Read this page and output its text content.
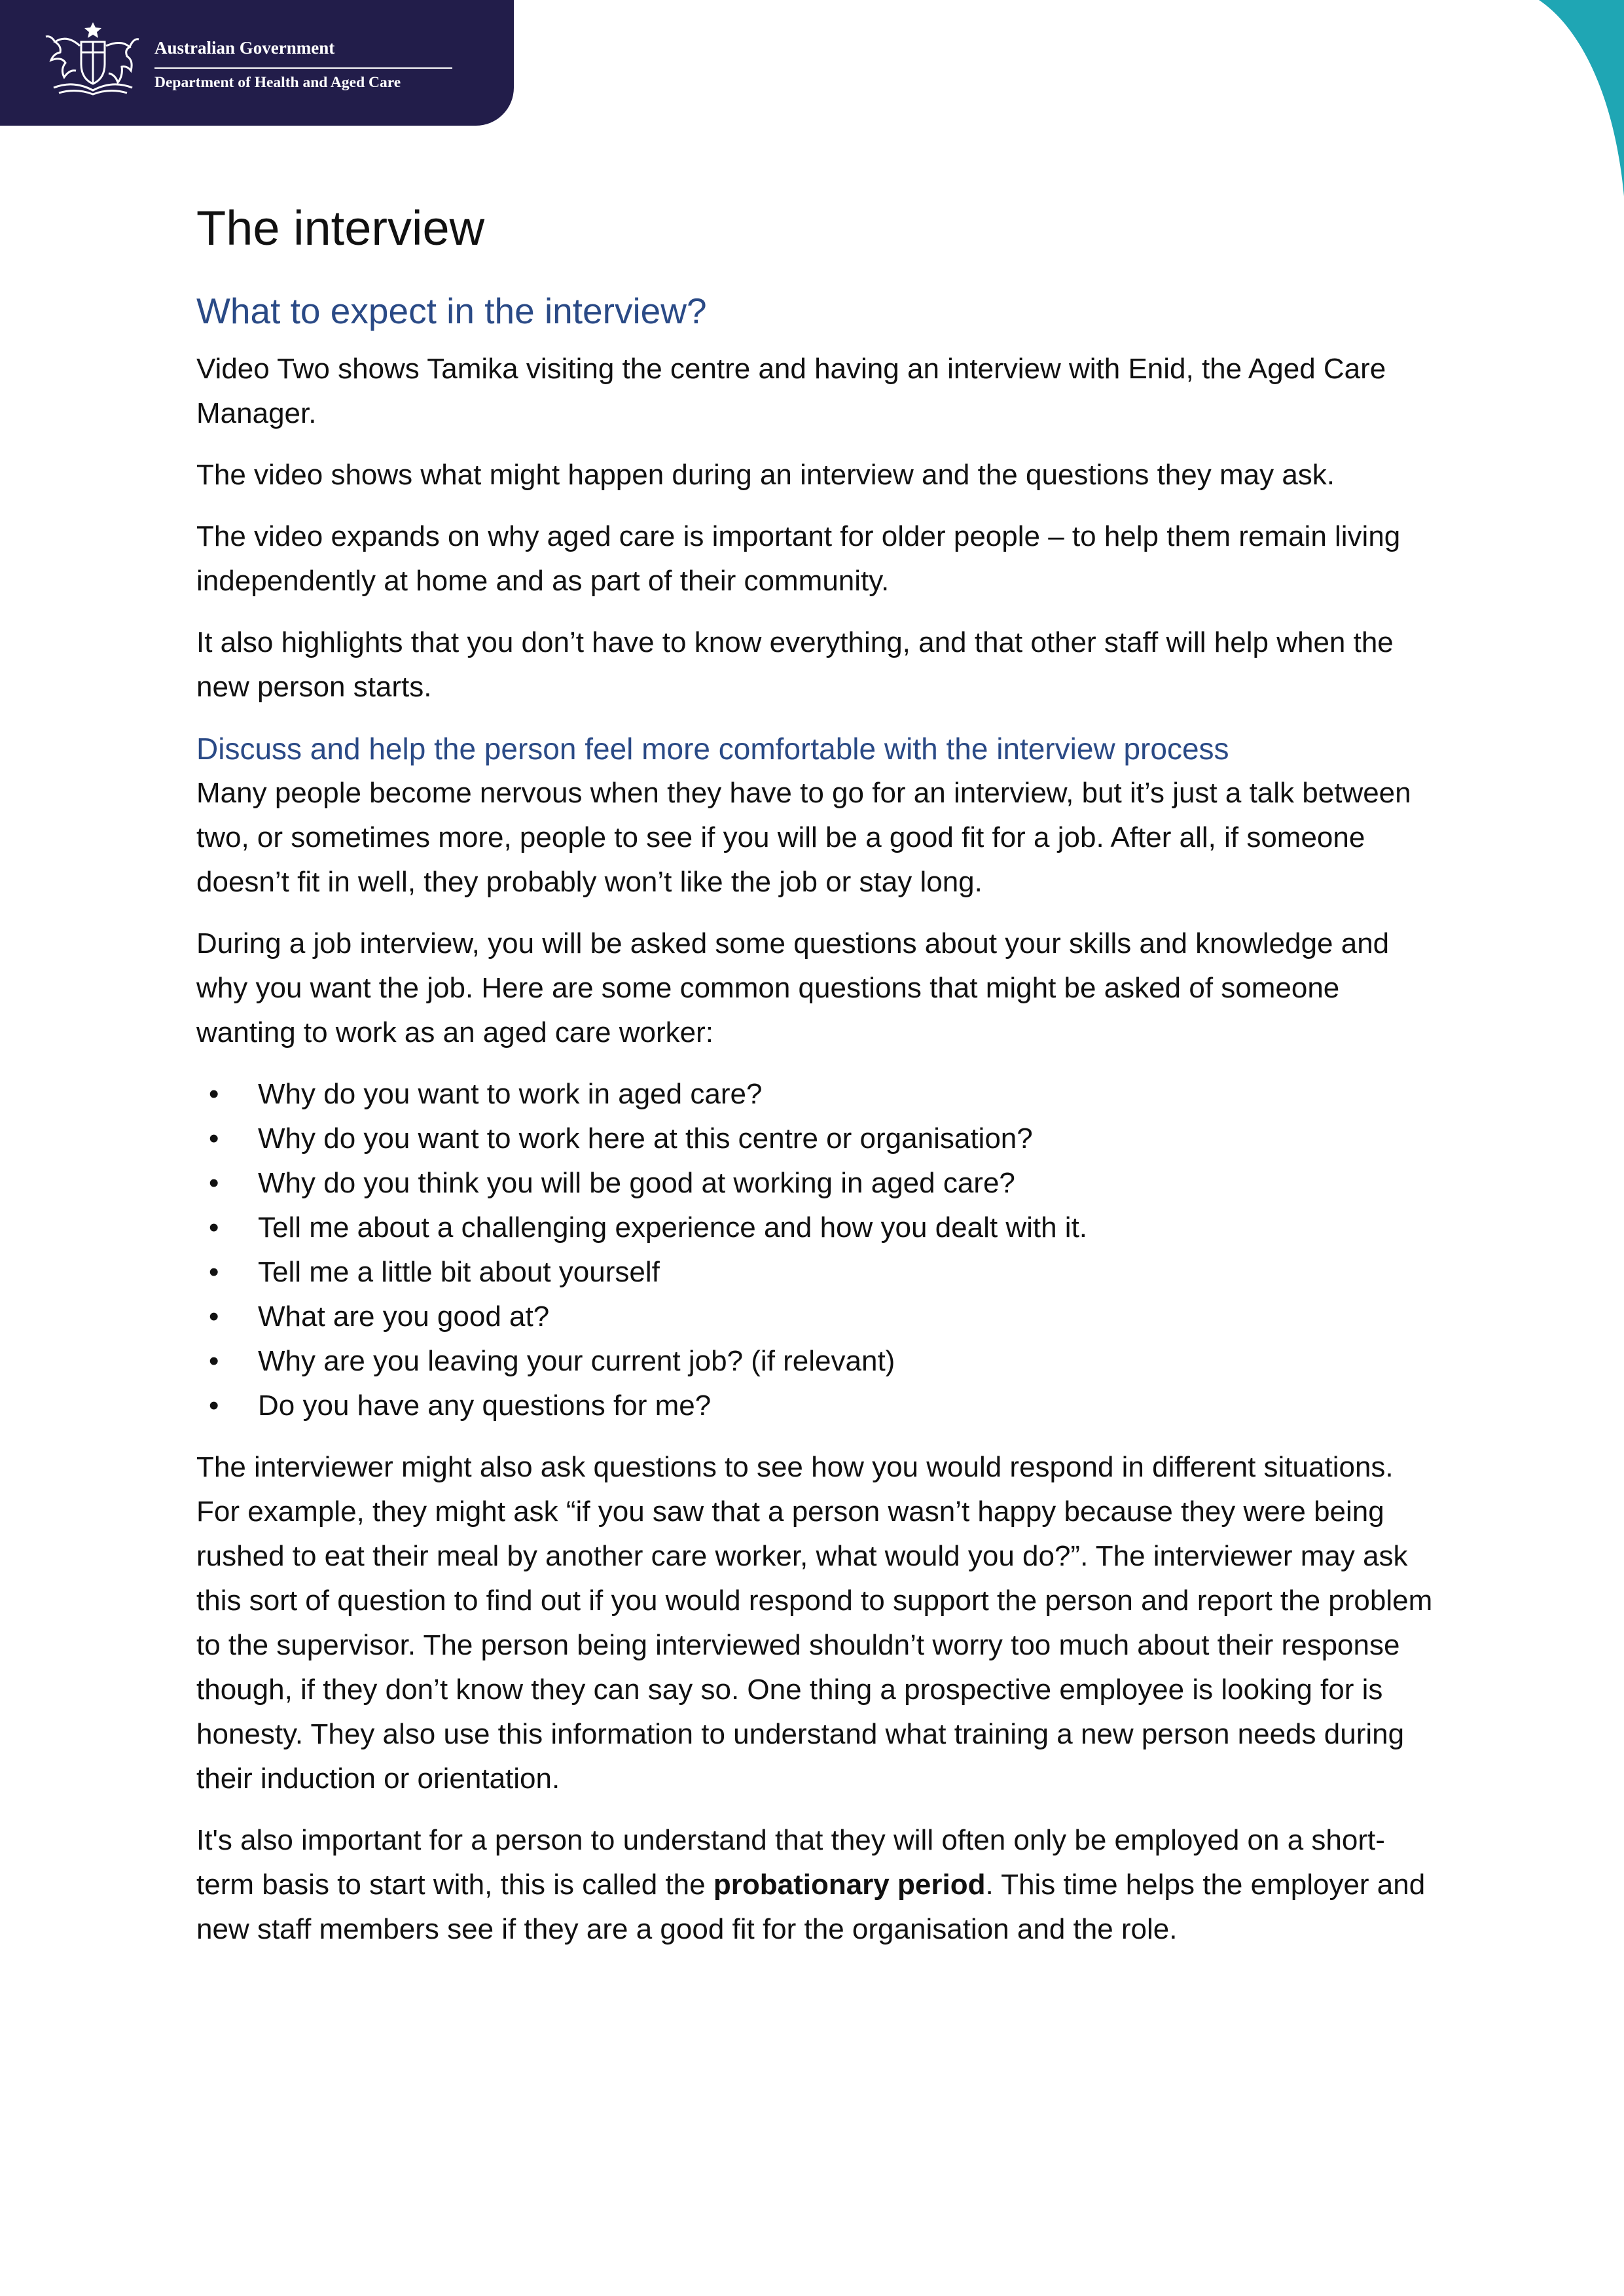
Australian Government
Department of Health and Aged Care
The interview
What to expect in the interview?

Video Two shows Tamika visiting the centre and having an interview with Enid, the Aged Care Manager.

The video shows what might happen during an interview and the questions they may ask.

The video expands on why aged care is important for older people – to help them remain living independently at home and as part of their community.

It also highlights that you don’t have to know everything, and that other staff will help when the new person starts.

Discuss and help the person feel more comfortable with the interview process

Many people become nervous when they have to go for an interview, but it’s just a talk between two, or sometimes more, people to see if you will be a good fit for a job. After all, if someone doesn’t fit in well, they probably won’t like the job or stay long.

During a job interview, you will be asked some questions about your skills and knowledge and why you want the job. Here are some common questions that might be asked of someone wanting to work as an aged care worker:

• Why do you want to work in aged care?
• Why do you want to work here at this centre or organisation?
• Why do you think you will be good at working in aged care?
• Tell me about a challenging experience and how you dealt with it.
• Tell me a little bit about yourself
• What are you good at?
• Why are you leaving your current job? (if relevant)
• Do you have any questions for me?

The interviewer might also ask questions to see how you would respond in different situations. For example, they might ask “if you saw that a person wasn’t happy because they were being rushed to eat their meal by another care worker, what would you do?”. The interviewer may ask this sort of question to find out if you would respond to support the person and report the problem to the supervisor. The person being interviewed shouldn’t worry too much about their response though, if they don’t know they can say so. One thing a prospective employee is looking for is honesty. They also use this information to understand what training a new person needs during their induction or orientation.

It's also important for a person to understand that they will often only be employed on a short-term basis to start with, this is called the probationary period. This time helps the employer and new staff members see if they are a good fit for the organisation and the role.
